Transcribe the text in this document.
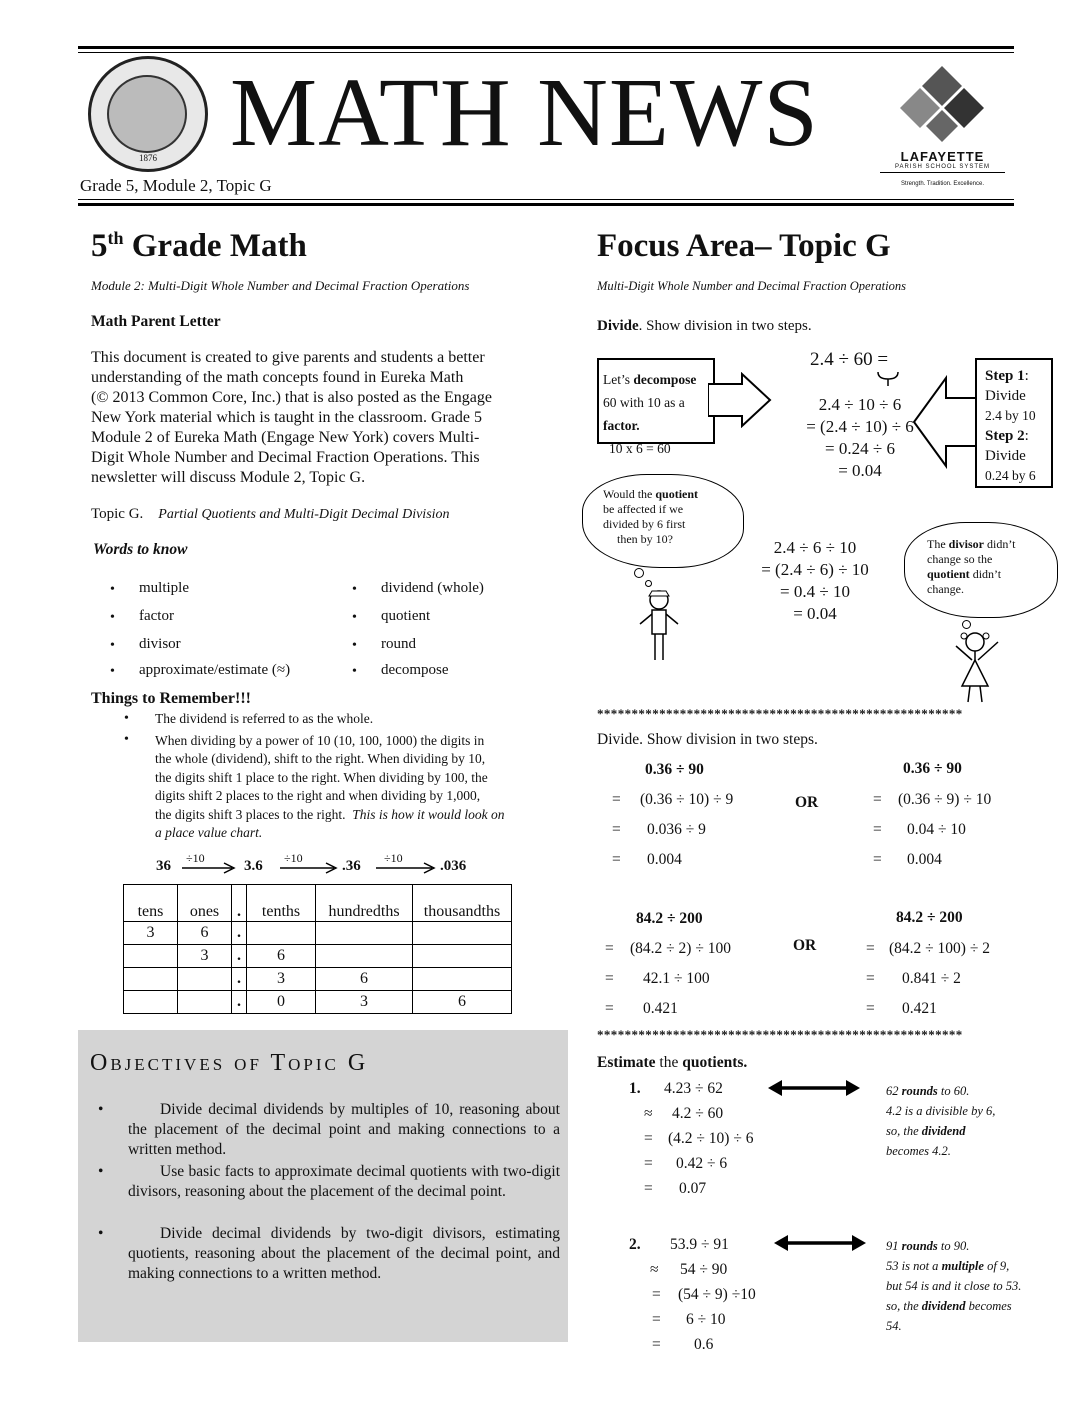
1876 MATH NEWS	LAFAYETTE
PARISH SCHOOL SYSTEM
Strength. Tradition. Excellence.
Grade 5, Module 2, Topic G
5th Grade Math
Module 2: Multi-Digit Whole Number and Decimal Fraction Operations
Math Parent Letter
This document is created to give parents and students a better
understanding of the math concepts found in Eureka Math
(© 2013 Common Core, Inc.) that is also posted as the Engage
New York material which is taught in the classroom. Grade 5
Module 2 of Eureka Math (Engage New York) covers Multi-
Digit Whole Number and Decimal Fraction Operations. This
newsletter will discuss Module 2, Topic G.
Topic G. Partial Quotients and Multi-Digit Decimal Division
Words to know
• multiple
• factor
• divisor
• approximate/estimate (≈)
• dividend (whole)
• quotient
• round
• decompose
Things to Remember!!!
• The dividend is referred to as the whole.
• When dividing by a power of 10 (10, 100, 1000) the digits in
the whole (dividend), shift to the right. When dividing by 10,
the digits shift 1 place to the right. When dividing by 100, the
digits shift 2 places to the right and when dividing by 1,000,
the digits shift 3 places to the right. This is how it would look on
a place value chart.
36 ÷10	3.6 ÷10	.36 ÷10 .036
tens	ones	.	tenths	hundredths	thousandths
3	6	.			
	3	.	6		
		.	3	6	
		.	0	3	6
Objectives of Topic G
•	Divide decimal dividends by multiples of 10, reasoning about the placement of the decimal point and making connections to a written method.
•	Use basic facts to approximate decimal quotients with two-digit divisors, reasoning about the placement of the decimal point.
•	Divide decimal dividends by two-digit divisors, estimating quotients, reasoning about the placement of the decimal point, and making connections to a written method.
Focus Area– Topic G
Multi-Digit Whole Number and Decimal Fraction Operations
Divide. Show division in two steps.
2.4 ÷ 60 =
Let’s decompose
60 with 10 as a factor.
10 x 6 = 60
2.4 ÷ 10 ÷ 6
= (2.4 ÷ 10) ÷ 6
= 0.24 ÷ 6
= 0.04
Step 1:
Divide
2.4 by 10
Step 2:
Divide
0.24 by 6
Would the quotient
be affected if we
divided by 6 first
then by 10?	2.4 ÷ 6 ÷ 10
= (2.4 ÷ 6) ÷ 10
= 0.4 ÷ 10
= 0.04
The divisor didn’t
change so the
quotient didn’t
change.
*****************************************************
Divide. Show division in two steps.
0.36 ÷ 90	0.36 ÷ 90
= (0.36 ÷ 10) ÷ 9
= 0.036 ÷ 9
= 0.004
OR	= (0.36 ÷ 9) ÷ 10
= 0.04 ÷ 10
= 0.004
84.2 ÷ 200	84.2 ÷ 200
= (84.2 ÷ 2) ÷ 100
= 42.1 ÷ 100
= 0.421
OR	= (84.2 ÷ 100) ÷ 2
= 0.841 ÷ 2
= 0.421
*****************************************************
Estimate the quotients.
1. 4.23 ÷ 62
≈ 4.2 ÷ 60
= (4.2 ÷ 10) ÷ 6
= 0.42 ÷ 6
= 0.07
62 rounds to 60.
4.2 is a divisible by 6,
so, the dividend
becomes 4.2.
2. 53.9 ÷ 91
≈ 54 ÷ 90
= (54 ÷ 9) ÷10
= 6 ÷ 10
= 0.6
91 rounds to 90.
53 is not a multiple of 9,
but 54 is and it close to 53.
so, the dividend becomes
54.
